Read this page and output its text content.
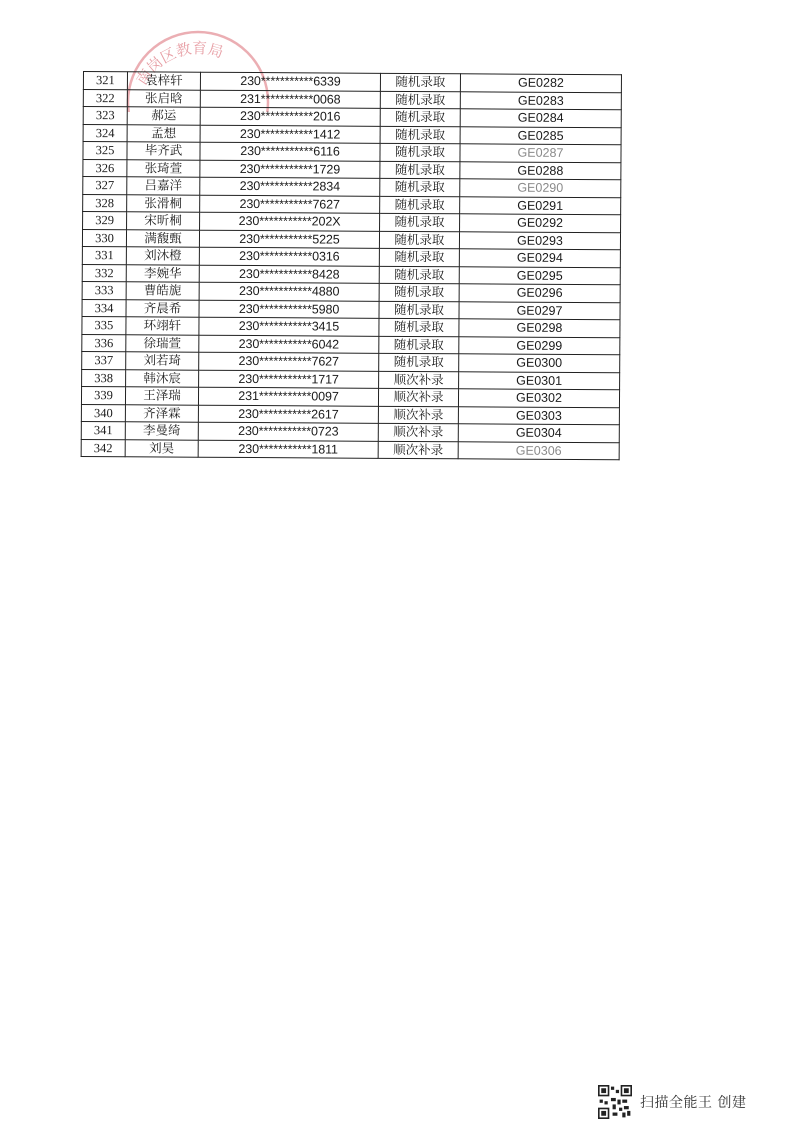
南岗区教育局
321	袁梓轩	230***********6339	随机录取	GE0282
322	张启晗	231***********0068	随机录取	GE0283
323	郝运	230***********2016	随机录取	GE0284
324	孟想	230***********1412	随机录取	GE0285
325	毕齐武	230***********6116	随机录取	GE0287
326	张琦萱	230***********1729	随机录取	GE0288
327	吕嘉洋	230***********2834	随机录取	GE0290
328	张滑桐	230***********7627	随机录取	GE0291
329	宋昕桐	230***********202X	随机录取	GE0292
330	满馥甄	230***********5225	随机录取	GE0293
331	刘沐橙	230***********0316	随机录取	GE0294
332	李婉华	230***********8428	随机录取	GE0295
333	曹皓旎	230***********4880	随机录取	GE0296
334	齐晨希	230***********5980	随机录取	GE0297
335	环翊轩	230***********3415	随机录取	GE0298
336	徐瑞萱	230***********6042	随机录取	GE0299
337	刘若琦	230***********7627	随机录取	GE0300
338	韩沐宸	230***********1717	顺次补录	GE0301
339	王泽瑞	231***********0097	顺次补录	GE0302
340	齐泽霖	230***********2617	顺次补录	GE0303
341	李曼绮	230***********0723	顺次补录	GE0304
342	刘昊	230***********1811	顺次补录	GE0306
扫描全能王 创建
